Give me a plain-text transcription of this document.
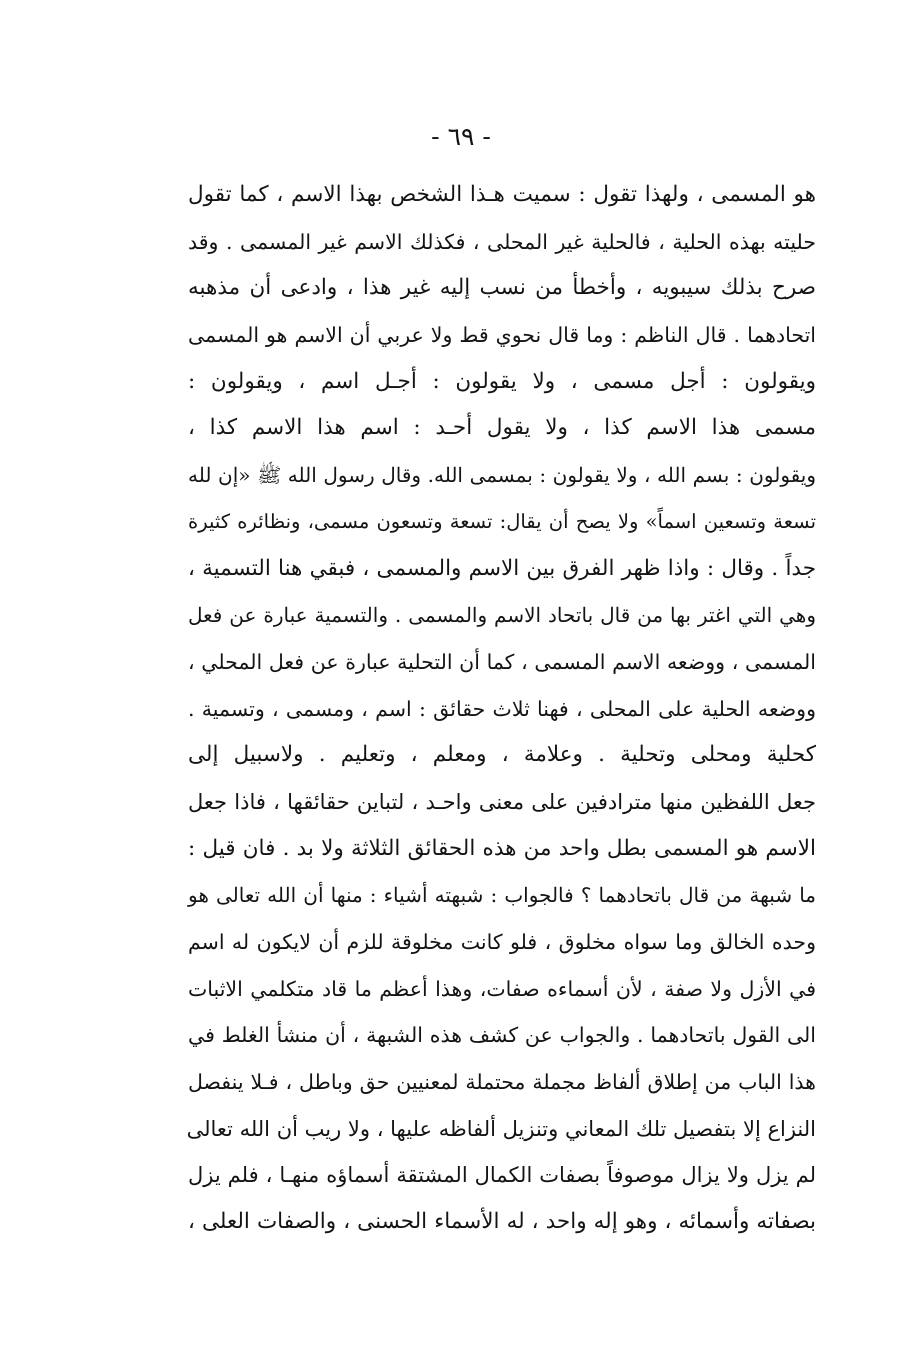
- ٦٩ -
هو المسمى ، ولهذا تقول : سميت هـذا الشخص بهذا الاسم ، كما تقول
حليته بهذه الحلية ، فالحلية غير المحلى ، فكذلك الاسم غير المسمى . وقد
صرح بذلك سيبويه ، وأخطأ من نسب إليه غير هذا ، وادعى أن مذهبه
اتحادهما . قال الناظم : وما قال نحوي قط ولا عربي أن الاسم هو المسمى
ويقولون : أجل مسمى ، ولا يقولون : أجـل اسم ، ويقولون :
مسمى هذا الاسم كذا ، ولا يقول أحـد : اسم هذا الاسم كذا ،
ويقولون : بسم الله ، ولا يقولون : بمسمى الله. وقال رسول الله ﷺ «إن لله
تسعة وتسعين اسماً» ولا يصح أن يقال: تسعة وتسعون مسمى، ونظائره كثيرة
جداً . وقال : واذا ظهر الفرق بين الاسم والمسمى ، فبقي هنا التسمية ،
وهي التي اغتر بها من قال باتحاد الاسم والمسمى . والتسمية عبارة عن فعل
المسمى ، ووضعه الاسم المسمى ، كما أن التحلية عبارة عن فعل المحلي ،
ووضعه الحلية على المحلى ، فهنا ثلاث حقائق : اسم ، ومسمى ، وتسمية .
كحلية ومحلى وتحلية . وعلامة ، ومعلم ، وتعليم . ولاسبيل إلى
جعل اللفظين منها مترادفين على معنى واحـد ، لتباين حقائقها ، فاذا جعل
الاسم هو المسمى بطل واحد من هذه الحقائق الثلاثة ولا بد . فان قيل :
ما شبهة من قال باتحادهما ؟ فالجواب : شبهته أشياء : منها أن الله تعالى هو
وحده الخالق وما سواه مخلوق ، فلو كانت مخلوقة للزم أن لايكون له اسم
في الأزل ولا صفة ، لأن أسماءه صفات، وهذا أعظم ما قاد متكلمي الاثبات
الى القول باتحادهما . والجواب عن كشف هذه الشبهة ، أن منشأ الغلط في
هذا الباب من إطلاق ألفاظ مجملة محتملة لمعنيين حق وباطل ، فـلا ينفصل
النزاع إلا بتفصيل تلك المعاني وتنزيل ألفاظه عليها ، ولا ريب أن الله تعالى
لم يزل ولا يزال موصوفاً بصفات الكمال المشتقة أسماؤه منهـا ، فلم يزل
بصفاته وأسمائه ، وهو إله واحد ، له الأسماء الحسنى ، والصفات العلى ،
